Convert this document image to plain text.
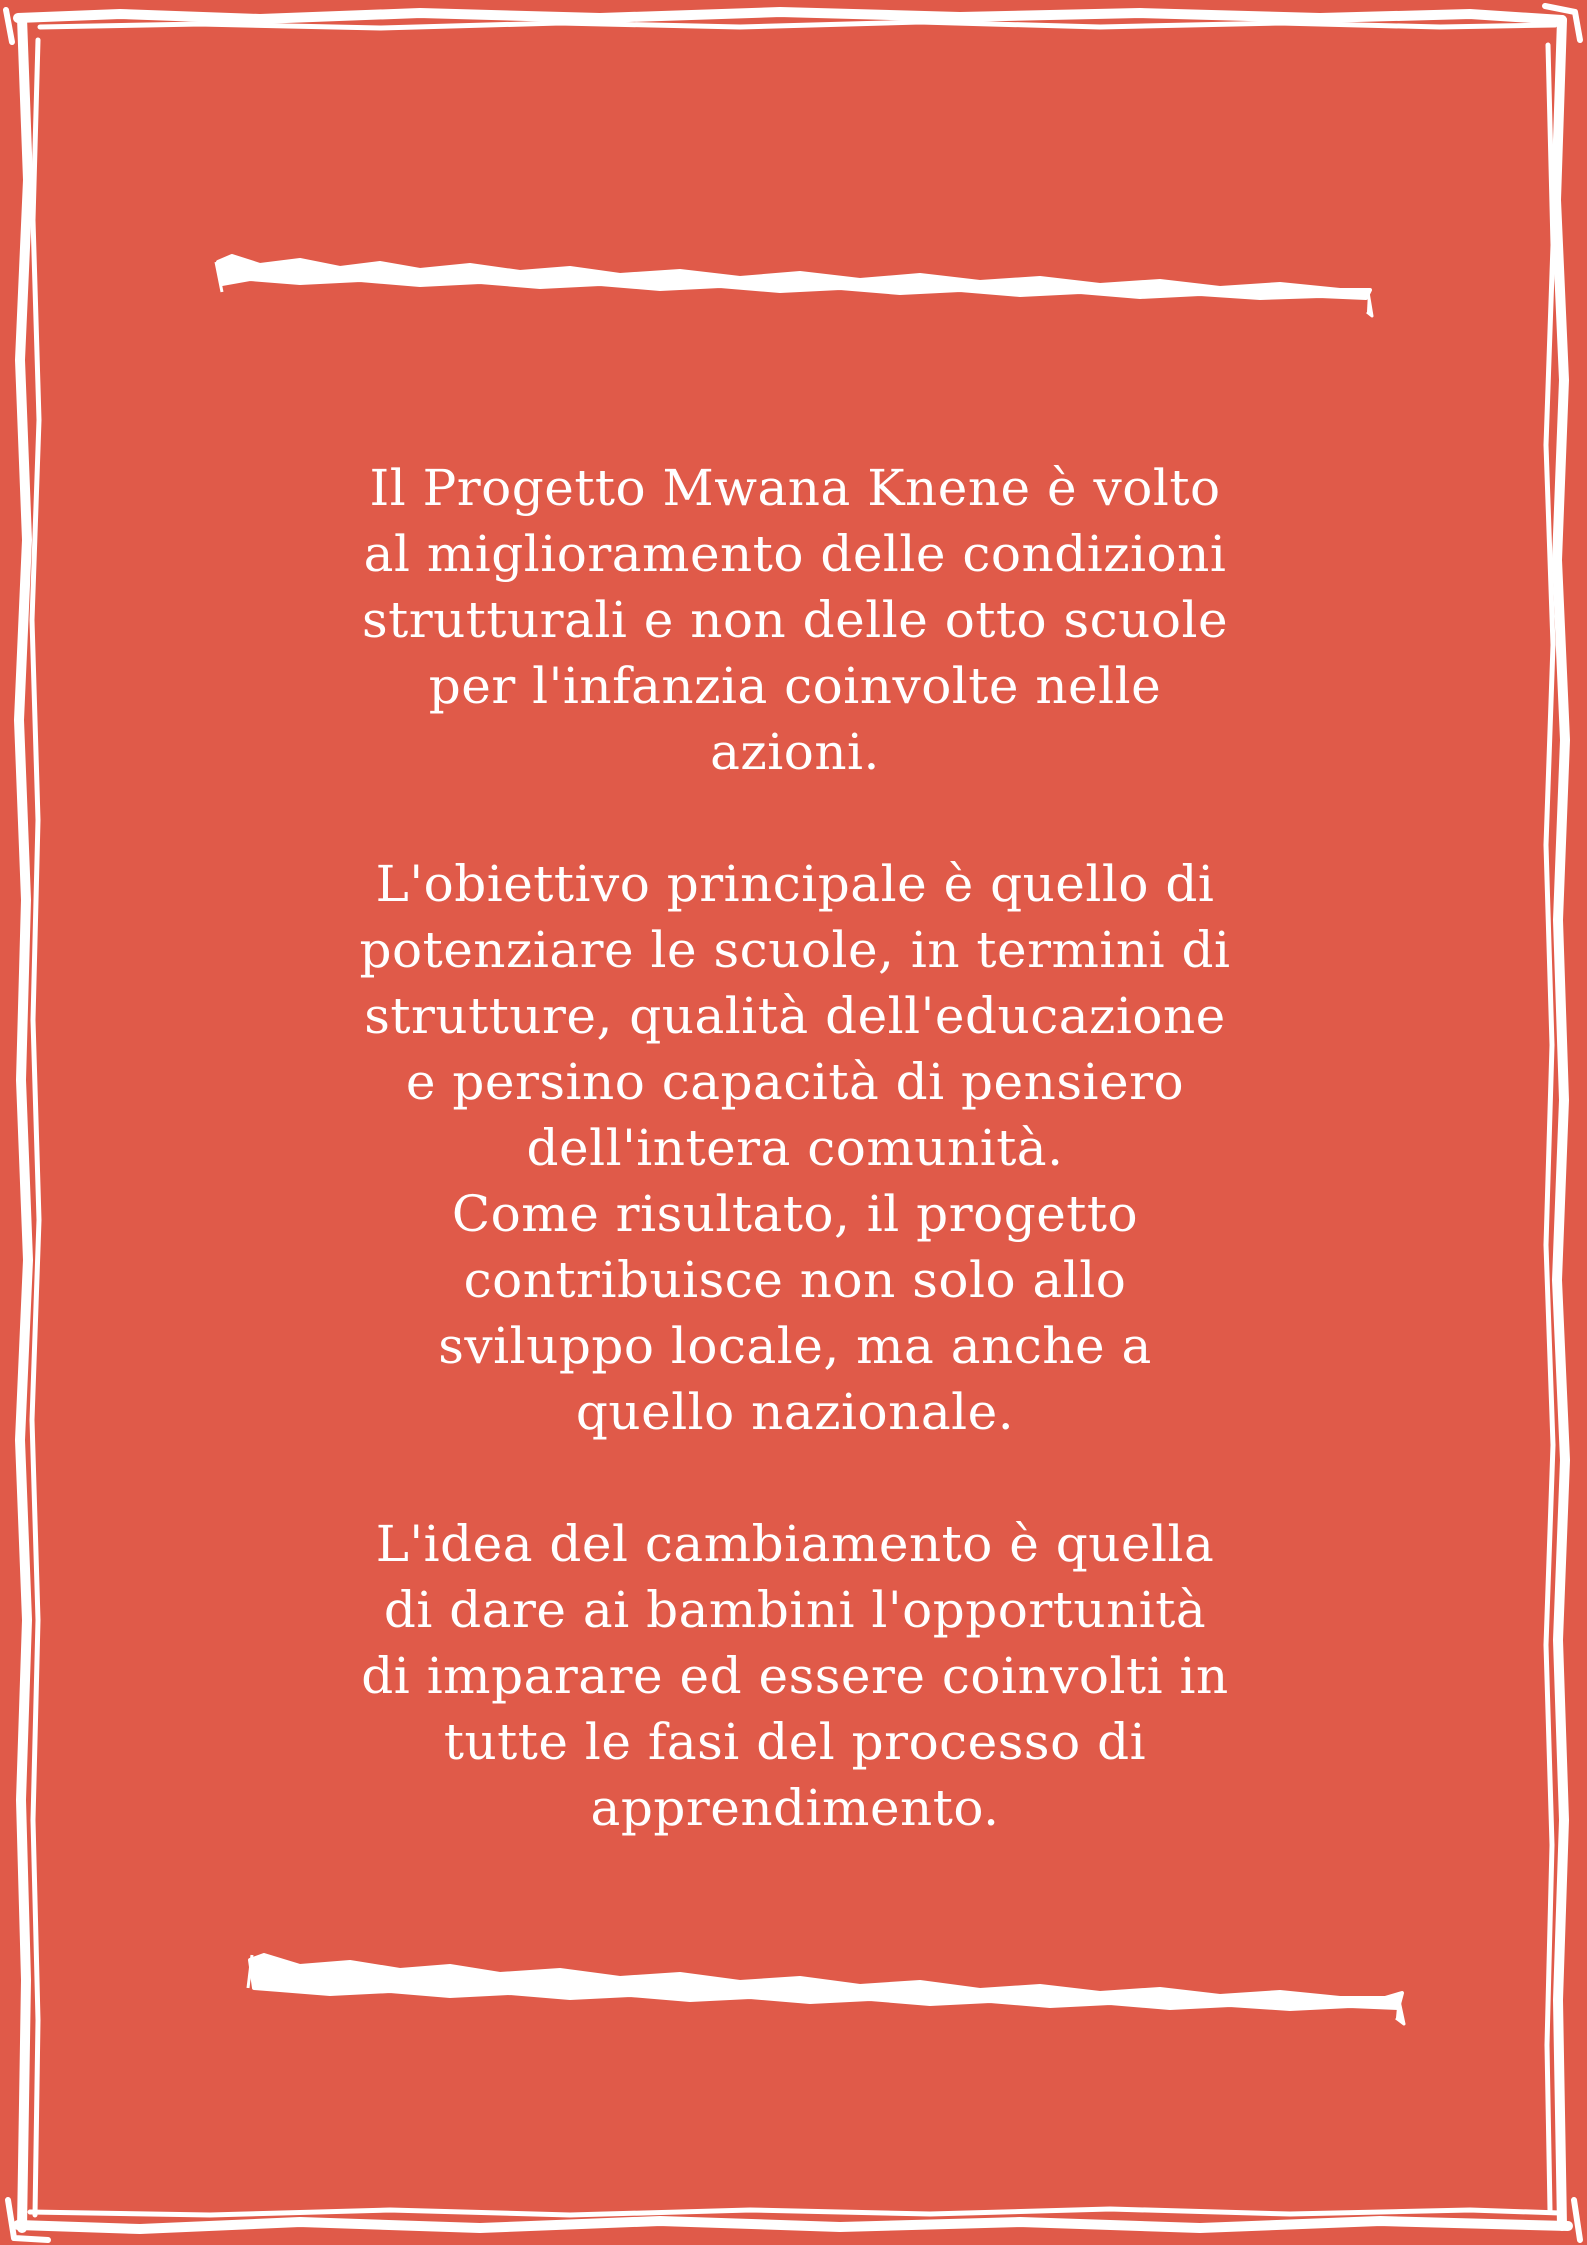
Il Progetto Mwana Knene è volto
al miglioramento delle condizioni
strutturali e non delle otto scuole
per l'infanzia coinvolte nelle
azioni.

L'obiettivo principale è quello di
potenziare le scuole, in termini di
strutture, qualità dell'educazione
e persino capacità di pensiero
dell'intera comunità.
Come risultato, il progetto
contribuisce non solo allo
sviluppo locale, ma anche a
quello nazionale.

L'idea del cambiamento è quella
di dare ai bambini l'opportunità
di imparare ed essere coinvolti in
tutte le fasi del processo di
apprendimento.
